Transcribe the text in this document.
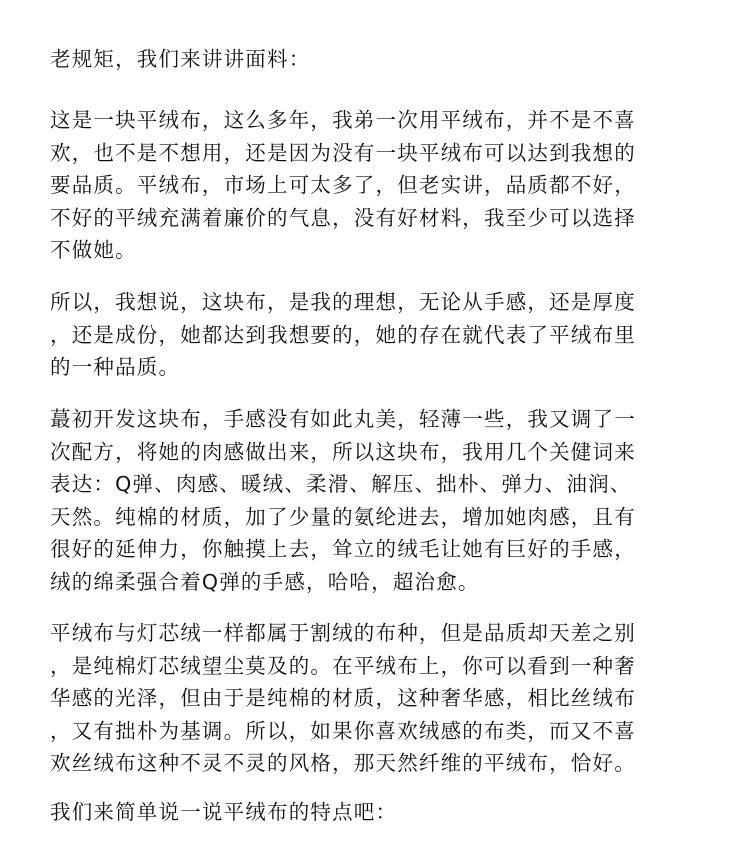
老规矩，我们来讲讲面料：

这是一块平绒布，这么多年，我弟一次用平绒布，并不是不喜
欢，也不是不想用，还是因为没有一块平绒布可以达到我想的
要品质。平绒布，市场上可太多了，但老实讲，品质都不好，
不好的平绒充满着廉价的气息，没有好材料，我至少可以选择
不做她。

所以，我想说，这块布，是我的理想，无论从手感，还是厚度
，还是成份，她都达到我想要的，她的存在就代表了平绒布里
的一种品质。

蕞初开发这块布，手感没有如此丸美，轻薄一些，我又调了一
次配方，将她的肉感做出来，所以这块布，我用几个关健词来
表达：Q弹、肉感、暖绒、柔滑、解压、拙朴、弹力、油润、
天然。纯棉的材质，加了少量的氨纶进去，增加她肉感，且有
很好的延伸力，你触摸上去，耸立的绒毛让她有巨好的手感，
绒的绵柔强合着Q弹的手感，哈哈，超治愈。

平绒布与灯芯绒一样都属于割绒的布种，但是品质却天差之别
，是纯棉灯芯绒望尘莫及的。在平绒布上，你可以看到一种奢
华感的光泽，但由于是纯棉的材质，这种奢华感，相比丝绒布
，又有拙朴为基调。所以，如果你喜欢绒感的布类，而又不喜
欢丝绒布这种不灵不灵的风格，那天然纤维的平绒布，恰好。

我们来简单说一说平绒布的特点吧：
